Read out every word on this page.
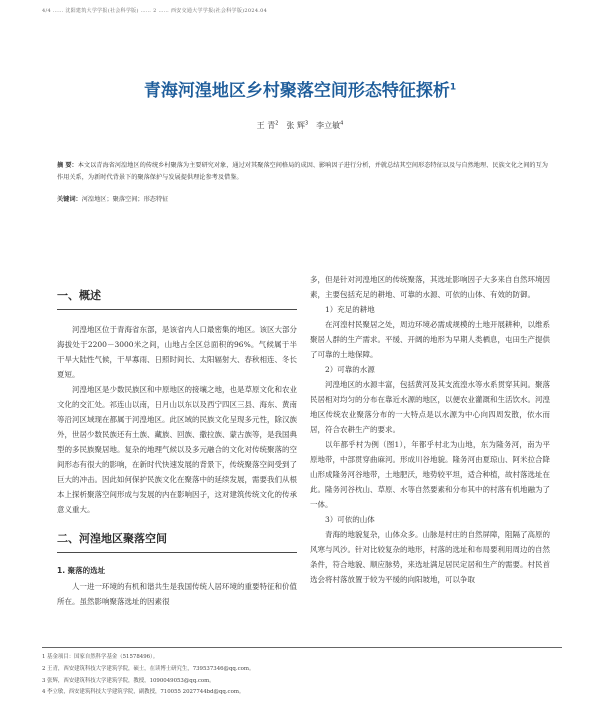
4/4 …… 沈阳建筑大学学报(社会科学版) …… 2 …… 西安交通大学学报(社会科学版)2024.04
青海河湟地区乡村聚落空间形态特征探析$^1$
王 青$^2$ 张 辉$^3$ 李立敏$^4$
摘 要：本文以青海省河湟地区的传统乡村聚落为主要研究对象，通过对其聚落空间格局的成因、影响因子进行分析，并就总结其空间形态特征以及与自然地理、民族文化之间的互为作用关系，为新时代背景下的聚落保护与发展提供理论参考及借鉴。
关键词：河湟地区；聚落空间；形态特征
一、概述

河湟地区位于青海省东部，是该省内人口最密集的地区。该区大部分海拔处于2200－3000米之间，山地占全区总面积的96%。气候属于半干旱大陆性气候，干旱寡雨、日照时间长、太阳辐射大、春秋相连、冬长夏短。

河湟地区是少数民族区和中原地区的接壤之地，也是草原文化和农业文化的交汇处。祁连山以南，日月山以东以及西宁四区三县、海东、黄南等沿河区域现在都属于河湟地区。此区域的民族文化呈现多元性，除汉族外，世居少数民族还有土族、藏族、回族、撒拉族、蒙古族等，是我国典型的多民族聚居地。复杂的地理气候以及多元融合的文化对传统聚落的空间形态有很大的影响，在新时代快速发展的背景下，传统聚落空间受到了巨大的冲击。因此如何保护民族文化在聚落中的延续发展，需要我们从根本上探析聚落空间形成与发展的内在影响因子，这对建筑传统文化的传承意义重大。

二、河湟地区聚落空间
1. 聚落的选址

人一进一环境的有机和谐共生是我国传统人居环境的重要特征和价值所在。虽然影响聚落选址的因素很

多，但是针对河湟地区的传统聚落，其选址影响因子大多来自自然环境因素，主要包括充足的耕地、可靠的水源、可依的山体、有效的防御。

1）充足的耕地

在河湟村民聚居之处，周边环境必需成规模的土地开展耕种，以维系聚居人群的生产需求。平缓、开阔的地形为早期人类栖息，屯田生产提供了可靠的土地保障。

2）可靠的水源

河湟地区的水源丰富，包括黄河及其支流湟水等水系贯穿其间。聚落民居相对均匀的分布在靠近水源的地区，以便农业灌溉和生活饮水。河湟地区传统农业聚落分布的一大特点是以水源为中心向四周发散，依水而居，符合农耕生产的要求。

以年都乎村为例（图1），年都乎村北为山地，东为隆务河，南为平原地带，中部贯穿曲麻河。形成川谷地貌。隆务河由夏琼山、阿米拉合降山形成隆务河谷地带，土地肥沃，地势较平坦，适合种植，故村落选址在此。隆务河谷枕山、草原、水等自然要素和分布其中的村落有机地融为了一体。

3）可依的山体

青海的地貌复杂，山体众多。山脉是村庄的自然屏障，阻隔了高原的风寒与风沙。针对比较复杂的地形，村落的选址和布局要利用周边的自然条件，符合地貌、顺应脉势，来选址满足居民定居和生产的需要。村民首选会将村落放置于较为平缓的向阳坡地，可以争取

1 基金项目：国家自然科学基金（51578496）。
2 王青，西安建筑科技大学建筑学院，硕士，在读博士研究生，739537346@qq.com。
3 张辉，西安建筑科技大学建筑学院，教授，1090049053@qq.com。
4 李立敏，西安建筑科技大学建筑学院，副教授，710055 2027744bd@qq.com。
